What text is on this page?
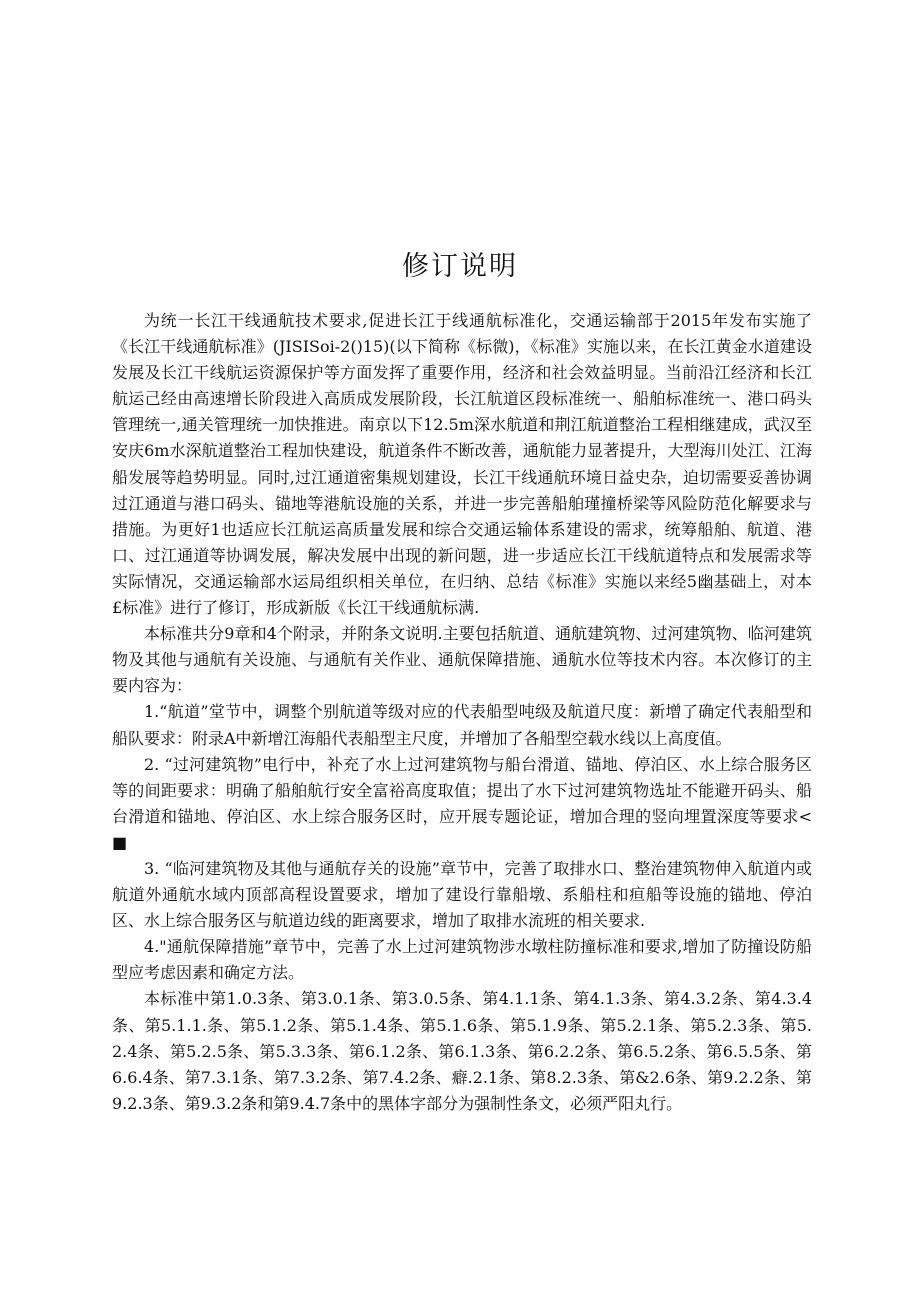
修订说明

为统一长江干线通航技术要求,促进长江于线通航标准化，交通运输部于2015年发布实施了《长江干线通航标准》(JISISoi-2()15)(以下简称《标微)，《标准》实施以来，在长江黄金水道建设发展及长江干线航运资源保护等方面发挥了重要作用，经济和社会效益明显。当前沿江经济和长江航运己经由高速增长阶段进入高质成发展阶段，长江航道区段标准统一、船舶标准统一、港口码头管理统一,通关管理统一加快推进。南京以下12.5m深水航道和荆江航道整治工程相继建成，武汉至安庆6m水深航道整治工程加快建设，航道条件不断改善，通航能力显著提升，大型海川处江、江海船发展等趋势明显。同时,过江通道密集规划建设，长江干线通航环境日益史杂，迫切需要妥善协调过江通道与港口码头、锚地等港航设施的关系，并进一步完善船舶瑾撞桥梁等风险防范化解要求与措施。为更好1也适应长江航运高质量发展和综合交通运输体系建设的需求，统筹船舶、航道、港口、过江通道等协调发展，解决发展中出现的新问题，进一步适应长江干线航道特点和发展需求等实际情况，交通运输部水运局组织相关单位，在归纳、总结《标准》实施以来经5幽基础上，对本£标准》进行了修订，形成新版《长江干线通航标满.

本标准共分9章和4个附录，并附条文说明.主要包括航道、通航建筑物、过河建筑物、临河建筑物及其他与通航有关设施、与通航有关作业、通航保障措施、通航水位等技术内容。本次修订的主要内容为：

1.“航道”堂节中，调整个别航道等级对应的代表船型吨级及航道尺度：新增了确定代表船型和船队要求：附录A中新增江海船代表船型主尺度，并增加了各船型空载水线以上高度值。

2. “过河建筑物”电行中，补充了水上过河建筑物与船台滑道、锚地、停泊区、水上综合服务区等的间距要求：明确了船舶航行安全富裕高度取值；提出了水下过河建筑物选址不能避开码头、船台滑道和锚地、停泊区、水上综合服务区时，应开展专题论证，增加合理的竖向埋置深度等要求<■

3. “临河建筑物及其他与通航存关的设施”章节中，完善了取排水口、整治建筑物伸入航道内或航道外通航水域内顶部高程设置要求，增加了建设行靠船墩、系船柱和疸船等设施的锚地、停泊区、水上综合服务区与航道边线的距离要求，增加了取排水流班的相关要求.

4."通航保障措施”章节中，完善了水上过河建筑物涉水墩柱防撞标准和要求,增加了防撞设防船型应考虑因素和确定方法。

本标准中第1.0.3条、第3.0.1条、第3.0.5条、第4.1.1条、第4.1.3条、第4.3.2条、第4.3.4条、第5.1.1.条、第5.1.2条、第5.1.4条、第5.1.6条、第5.1.9条、第5.2.1条、第5.2.3条、第5.2.4条、第5.2.5条、第5.3.3条、第6.1.2条、第6.1.3条、第6.2.2条、第6.5.2条、第6.5.5条、第6.6.4条、第7.3.1条、第7.3.2条、第7.4.2条、癖.2.1条、第8.2.3条、第&2.6条、第9.2.2条、第9.2.3条、第9.3.2条和第9.4.7条中的黑体字部分为强制性条文，必须严阳丸行。
